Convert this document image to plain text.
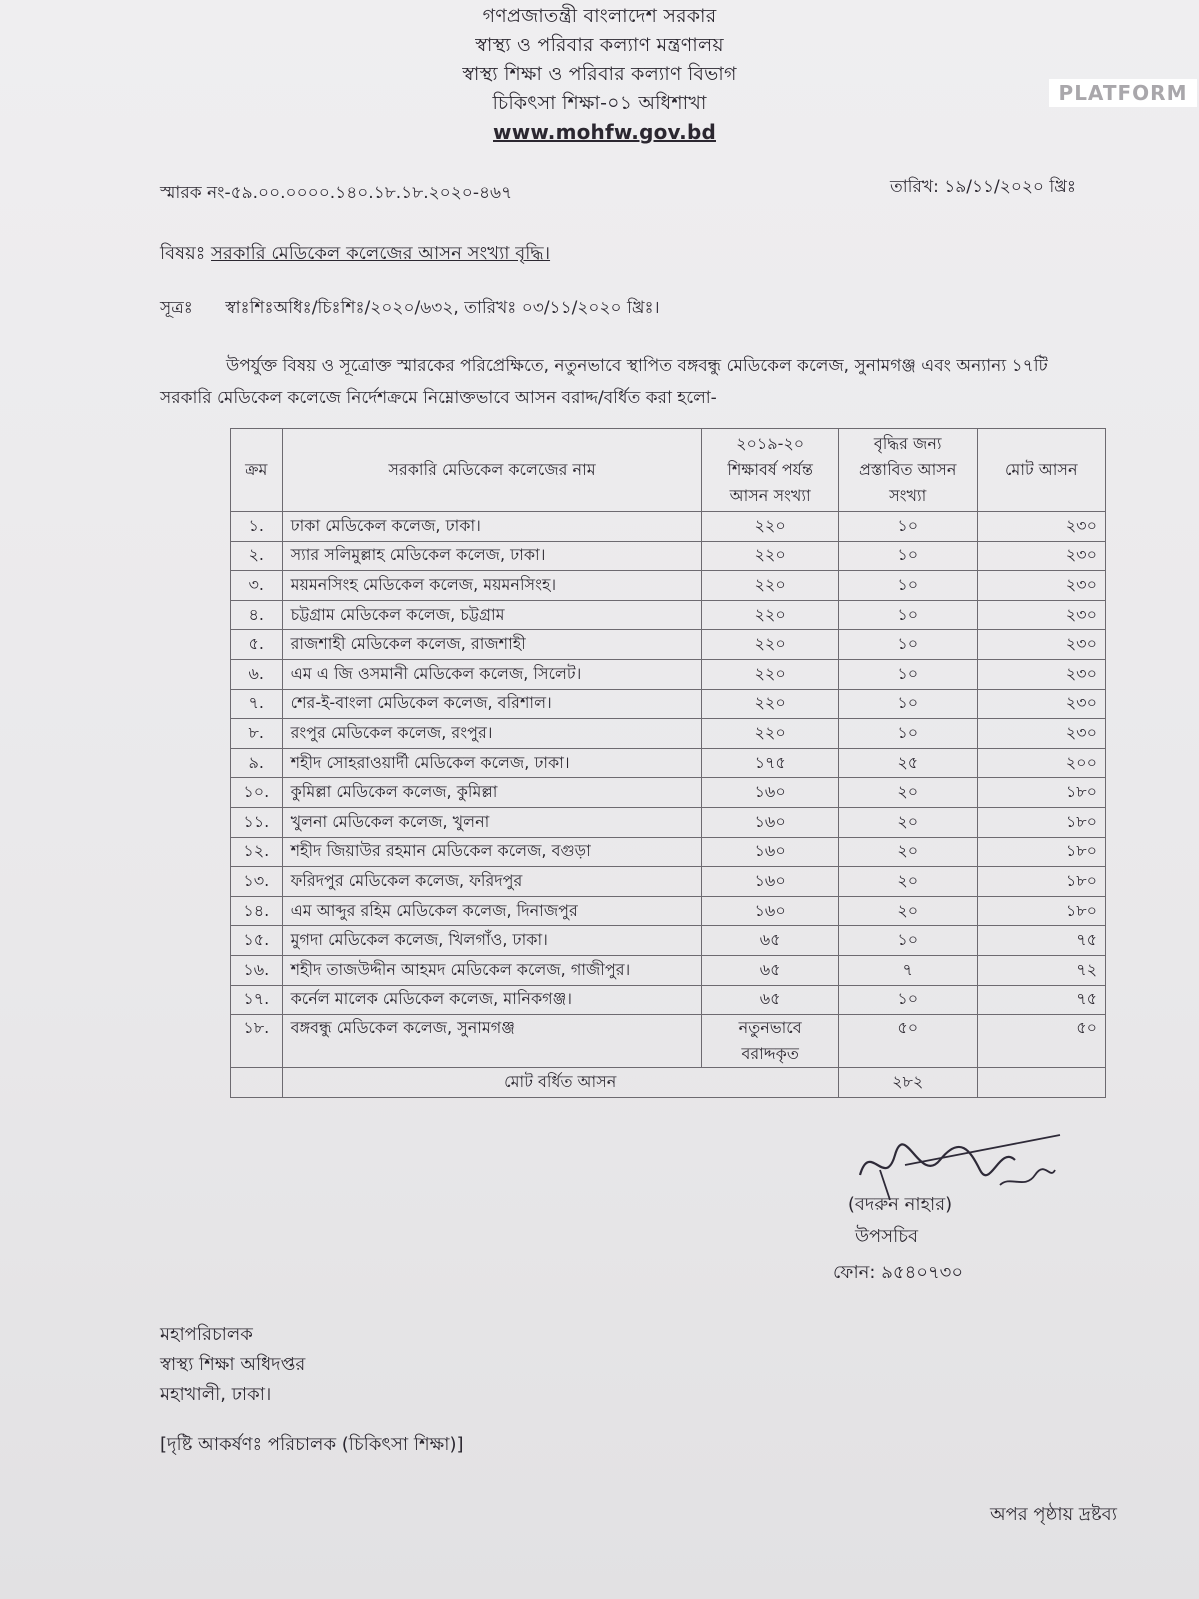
গণপ্রজাতন্ত্রী বাংলাদেশ সরকার
স্বাস্থ্য ও পরিবার কল্যাণ মন্ত্রণালয়
স্বাস্থ্য শিক্ষা ও পরিবার কল্যাণ বিভাগ
চিকিৎসা শিক্ষা-০১ অধিশাখা
www.mohfw.gov.bd
PLATFORM
স্মারক নং-৫৯.০০.০০০০.১৪০.১৮.১৮.২০২০-৪৬৭	তারিখ: ১৯/১১/২০২০ খ্রিঃ
বিষয়ঃ সরকারি মেডিকেল কলেজের আসন সংখ্যা বৃদ্ধি।
সূত্রঃ স্বাঃশিঃঅধিঃ/চিঃশিঃ/২০২০/৬৩২, তারিখঃ ০৩/১১/২০২০ খ্রিঃ।
উপর্যুক্ত বিষয় ও সূত্রোক্ত স্মারকের পরিপ্রেক্ষিতে, নতুনভাবে স্থাপিত বঙ্গবন্ধু মেডিকেল কলেজ, সুনামগঞ্জ এবং অন্যান্য ১৭টি সরকারি মেডিকেল কলেজে নির্দেশক্রমে নিম্নোক্তভাবে আসন বরাদ্দ/বর্ধিত করা হলো-
ক্রম	সরকারি মেডিকেল কলেজের নাম	২০১৯-২০ শিক্ষাবর্ষ পর্যন্ত আসন সংখ্যা	বৃদ্ধির জন্য প্রস্তাবিত আসন সংখ্যা	মোট আসন
১.	ঢাকা মেডিকেল কলেজ, ঢাকা।	২২০	১০	২৩০
২.	স্যার সলিমুল্লাহ মেডিকেল কলেজ, ঢাকা।	২২০	১০	২৩০
৩.	ময়মনসিংহ মেডিকেল কলেজ, ময়মনসিংহ।	২২০	১০	২৩০
৪.	চট্টগ্রাম মেডিকেল কলেজ, চট্টগ্রাম	২২০	১০	২৩০
৫.	রাজশাহী মেডিকেল কলেজ, রাজশাহী	২২০	১০	২৩০
৬.	এম এ জি ওসমানী মেডিকেল কলেজ, সিলেট।	২২০	১০	২৩০
৭.	শের-ই-বাংলা মেডিকেল কলেজ, বরিশাল।	২২০	১০	২৩০
৮.	রংপুর মেডিকেল কলেজ, রংপুর।	২২০	১০	২৩০
৯.	শহীদ সোহরাওয়ার্দী মেডিকেল কলেজ, ঢাকা।	১৭৫	২৫	২০০
১০.	কুমিল্লা মেডিকেল কলেজ, কুমিল্লা	১৬০	২০	১৮০
১১.	খুলনা মেডিকেল কলেজ, খুলনা	১৬০	২০	১৮০
১২.	শহীদ জিয়াউর রহমান মেডিকেল কলেজ, বগুড়া	১৬০	২০	১৮০
১৩.	ফরিদপুর মেডিকেল কলেজ, ফরিদপুর	১৬০	২০	১৮০
১৪.	এম আব্দুর রহিম মেডিকেল কলেজ, দিনাজপুর	১৬০	২০	১৮০
১৫.	মুগদা মেডিকেল কলেজ, খিলগাঁও, ঢাকা।	৬৫	১০	৭৫
১৬.	শহীদ তাজউদ্দীন আহমদ মেডিকেল কলেজ, গাজীপুর।	৬৫	৭	৭২
১৭.	কর্নেল মালেক মেডিকেল কলেজ, মানিকগঞ্জ।	৬৫	১০	৭৫
১৮.	বঙ্গবন্ধু মেডিকেল কলেজ, সুনামগঞ্জ	নতুনভাবে বরাদ্দকৃত	৫০	৫০
	মোট বর্ধিত আসন		২৮২	
(বদরুন নাহার)
উপসচিব
ফোন: ৯৫৪০৭৩০
মহাপরিচালক
স্বাস্থ্য শিক্ষা অধিদপ্তর
মহাখালী, ঢাকা।
[দৃষ্টি আকর্ষণঃ পরিচালক (চিকিৎসা শিক্ষা)]
অপর পৃষ্ঠায় দ্রষ্টব্য
